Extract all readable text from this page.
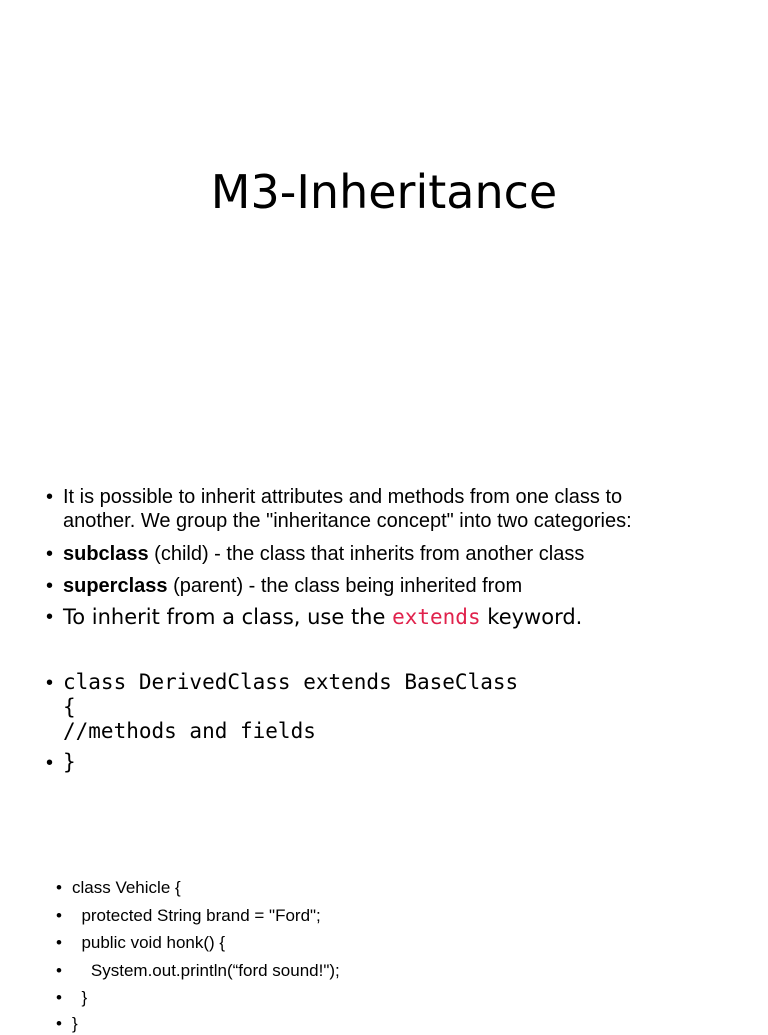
M3-Inheritance
• It is possible to inherit attributes and methods from one class to
another. We group the "inheritance concept" into two categories:
• subclass (child) - the class that inherits from another class
• superclass (parent) - the class being inherited from
• To inherit from a class, use the extends keyword.
• class DerivedClass extends BaseClass
{
//methods and fields
• }
• class Vehicle {
• protected String brand = "Ford";
• public void honk() {
• System.out.println(“ford sound!");
• }
• }
